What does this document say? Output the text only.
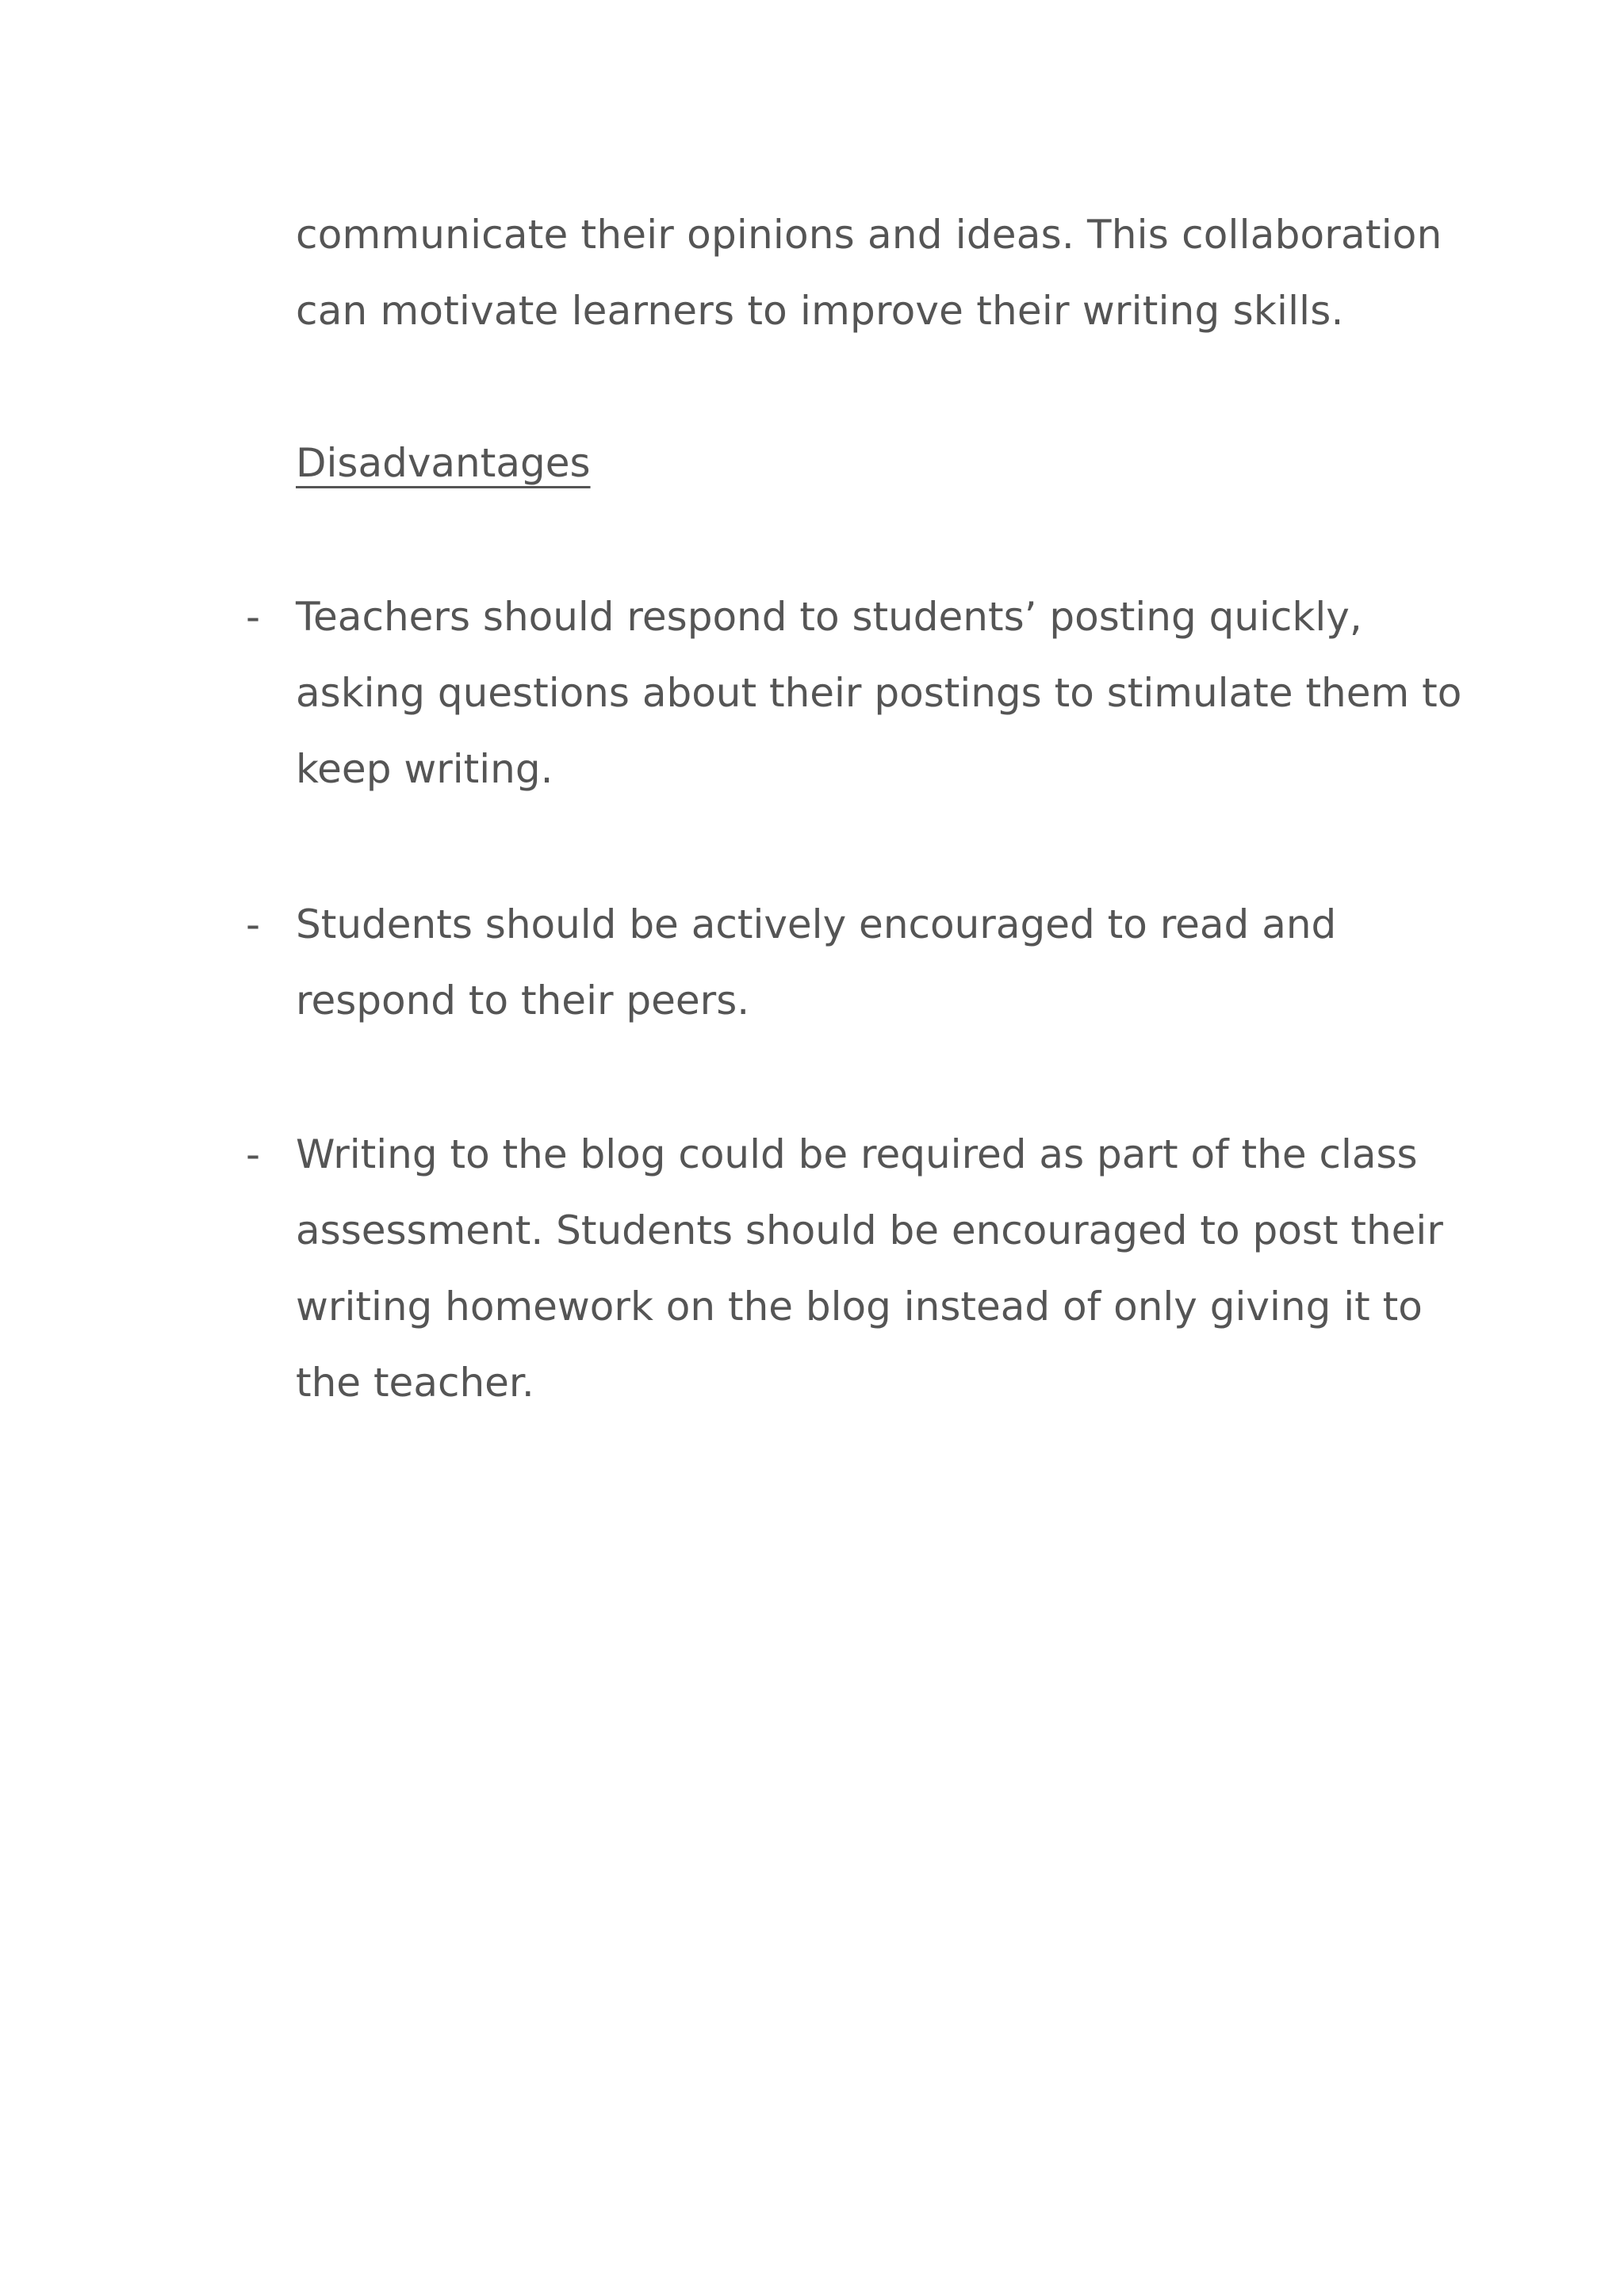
communicate their opinions and ideas. This collaboration
can motivate learners to improve their writing skills.
Disadvantages
- Teachers should respond to students’ posting quickly,
asking questions about their postings to stimulate them to
keep writing.
- Students should be actively encouraged to read and
respond to their peers.
- Writing to the blog could be required as part of the class
assessment. Students should be encouraged to post their
writing homework on the blog instead of only giving it to
the teacher.
